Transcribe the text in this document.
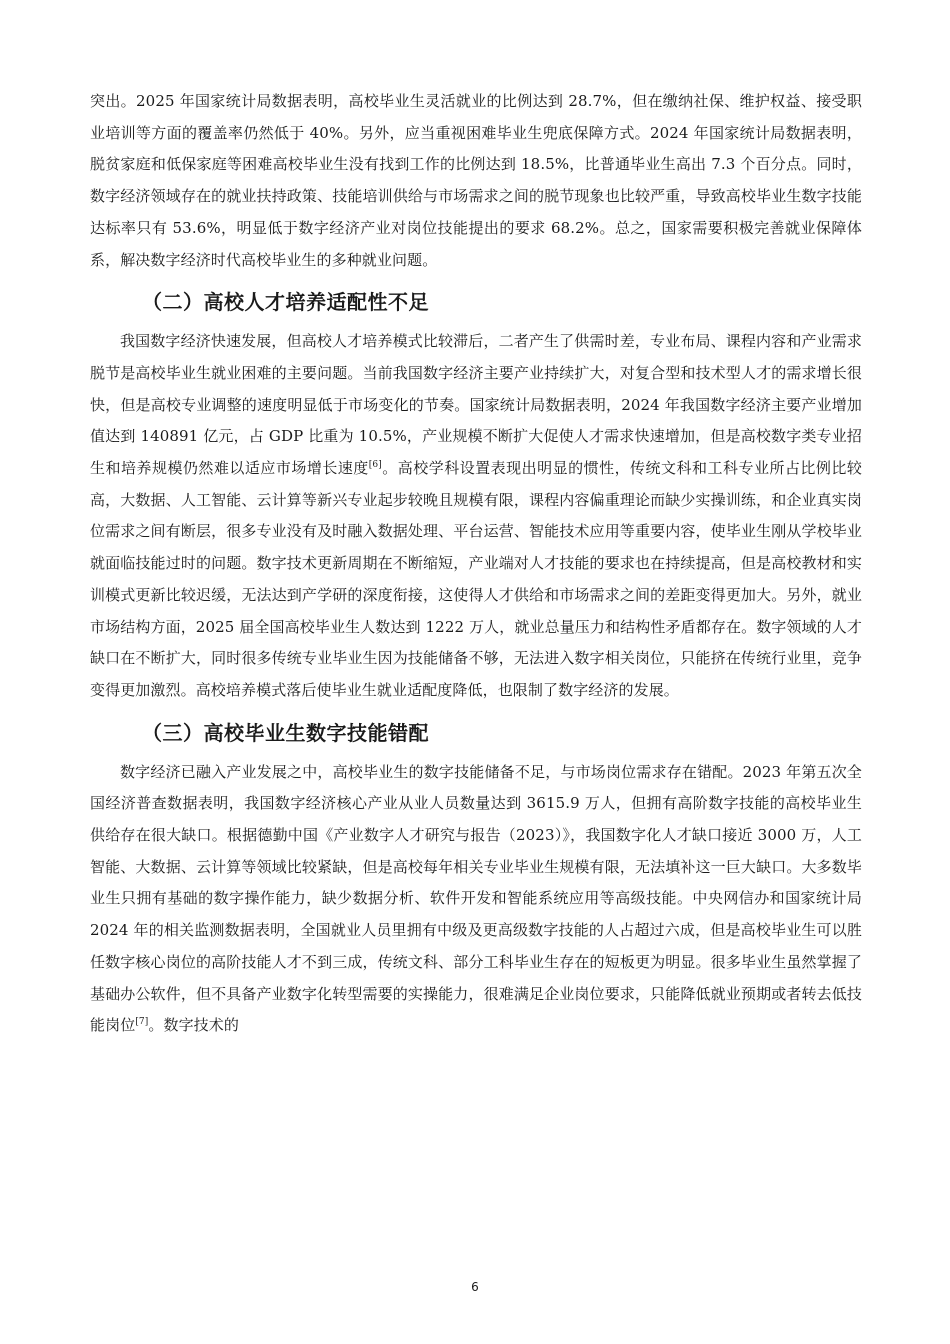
突出。2025 年国家统计局数据表明，高校毕业生灵活就业的比例达到 28.7%，但在缴纳社保、维护权益、接受职业培训等方面的覆盖率仍然低于 40%。另外，应当重视困难毕业生兜底保障方式。2024 年国家统计局数据表明，脱贫家庭和低保家庭等困难高校毕业生没有找到工作的比例达到 18.5%，比普通毕业生高出 7.3 个百分点。同时，数字经济领域存在的就业扶持政策、技能培训供给与市场需求之间的脱节现象也比较严重，导致高校毕业生数字技能达标率只有 53.6%，明显低于数字经济产业对岗位技能提出的要求 68.2%。总之，国家需要积极完善就业保障体系，解决数字经济时代高校毕业生的多种就业问题。

（二）高校人才培养适配性不足

我国数字经济快速发展，但高校人才培养模式比较滞后，二者产生了供需时差，专业布局、课程内容和产业需求脱节是高校毕业生就业困难的主要问题。当前我国数字经济主要产业持续扩大，对复合型和技术型人才的需求增长很快，但是高校专业调整的速度明显低于市场变化的节奏。国家统计局数据表明，2024 年我国数字经济主要产业增加值达到 140891 亿元，占 GDP 比重为 10.5%，产业规模不断扩大促使人才需求快速增加，但是高校数字类专业招生和培养规模仍然难以适应市场增长速度[6]。高校学科设置表现出明显的惯性，传统文科和工科专业所占比例比较高，大数据、人工智能、云计算等新兴专业起步较晚且规模有限，课程内容偏重理论而缺少实操训练，和企业真实岗位需求之间有断层，很多专业没有及时融入数据处理、平台运营、智能技术应用等重要内容，使毕业生刚从学校毕业就面临技能过时的问题。数字技术更新周期在不断缩短，产业端对人才技能的要求也在持续提高，但是高校教材和实训模式更新比较迟缓，无法达到产学研的深度衔接，这使得人才供给和市场需求之间的差距变得更加大。另外，就业市场结构方面，2025 届全国高校毕业生人数达到 1222 万人，就业总量压力和结构性矛盾都存在。数字领域的人才缺口在不断扩大，同时很多传统专业毕业生因为技能储备不够，无法进入数字相关岗位，只能挤在传统行业里，竞争变得更加激烈。高校培养模式落后使毕业生就业适配度降低，也限制了数字经济的发展。

（三）高校毕业生数字技能错配

数字经济已融入产业发展之中，高校毕业生的数字技能储备不足，与市场岗位需求存在错配。2023 年第五次全国经济普查数据表明，我国数字经济核心产业从业人员数量达到 3615.9 万人，但拥有高阶数字技能的高校毕业生供给存在很大缺口。根据德勤中国《产业数字人才研究与报告（2023）》，我国数字化人才缺口接近 3000 万，人工智能、大数据、云计算等领域比较紧缺，但是高校每年相关专业毕业生规模有限，无法填补这一巨大缺口。大多数毕业生只拥有基础的数字操作能力，缺少数据分析、软件开发和智能系统应用等高级技能。中央网信办和国家统计局 2024 年的相关监测数据表明，全国就业人员里拥有中级及更高级数字技能的人占超过六成，但是高校毕业生可以胜任数字核心岗位的高阶技能人才不到三成，传统文科、部分工科毕业生存在的短板更为明显。很多毕业生虽然掌握了基础办公软件，但不具备产业数字化转型需要的实操能力，很难满足企业岗位要求，只能降低就业预期或者转去低技能岗位[7]。数字技术的

6
